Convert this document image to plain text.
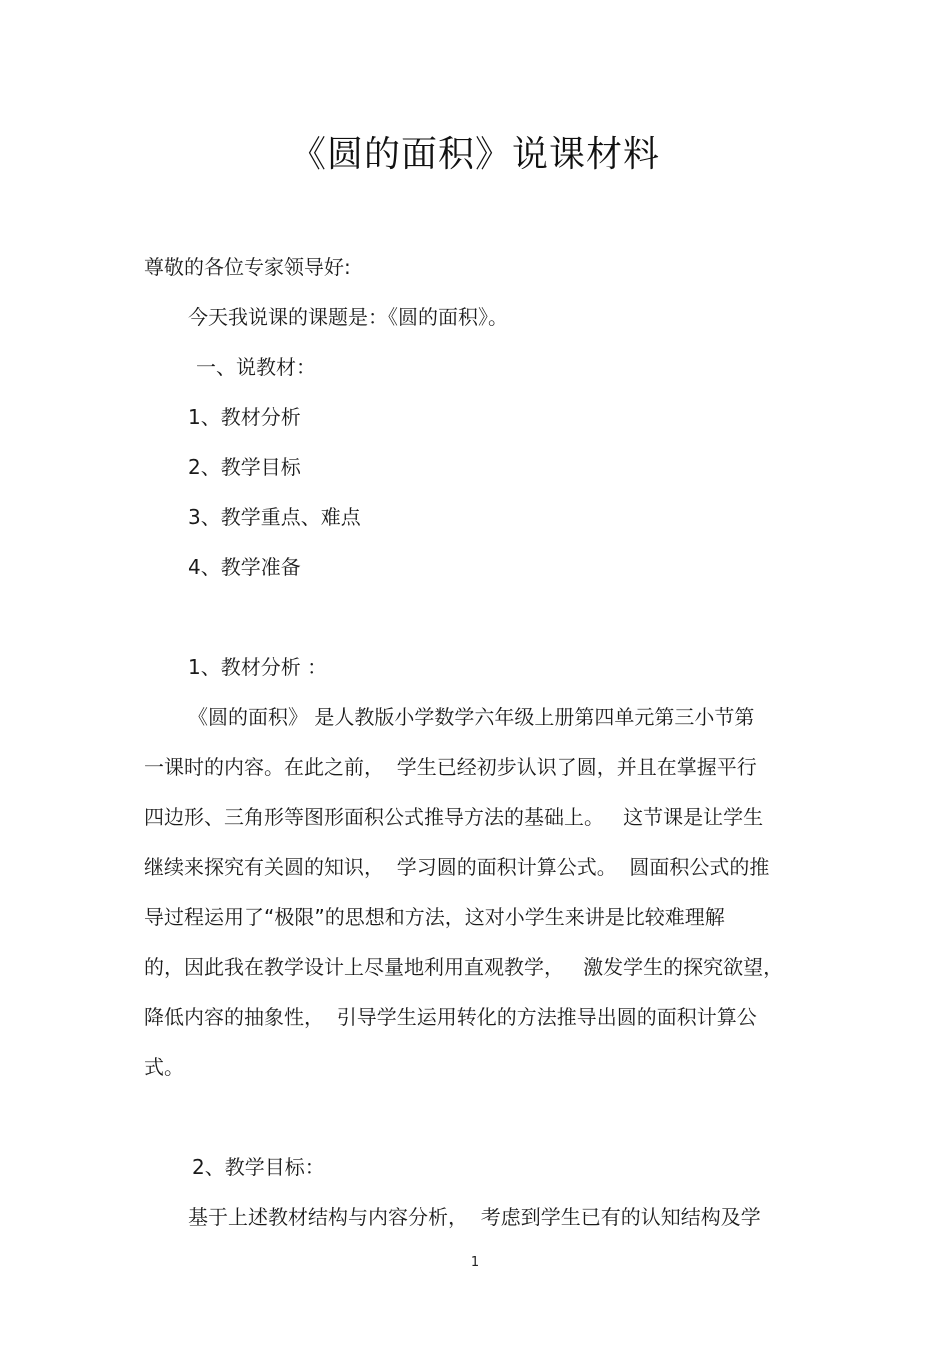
《圆的面积》说课材料
尊敬的各位专家领导好:
今天我说课的课题是：《圆的面积》。
一、说教材：
1、教材分析
2、教学目标
3、教学重点、难点
4、教学准备
1、教材分析 ：
《圆的面积》 是人教版小学数学六年级上册第四单元第三小节第
一课时的内容。在此之前，  学生已经初步认识了圆，并且在掌握平行
四边形、三角形等图形面积公式推导方法的基础上。   这节课是让学生
继续来探究有关圆的知识，  学习圆的面积计算公式。  圆面积公式的推
导过程运用了“极限”的思想和方法，这对小学生来讲是比较难理解
的，因此我在教学设计上尽量地利用直观教学，   激发学生的探究欲望，
降低内容的抽象性，  引导学生运用转化的方法推导出圆的面积计算公
式。
2、教学目标：
基于上述教材结构与内容分析，  考虑到学生已有的认知结构及学
1
